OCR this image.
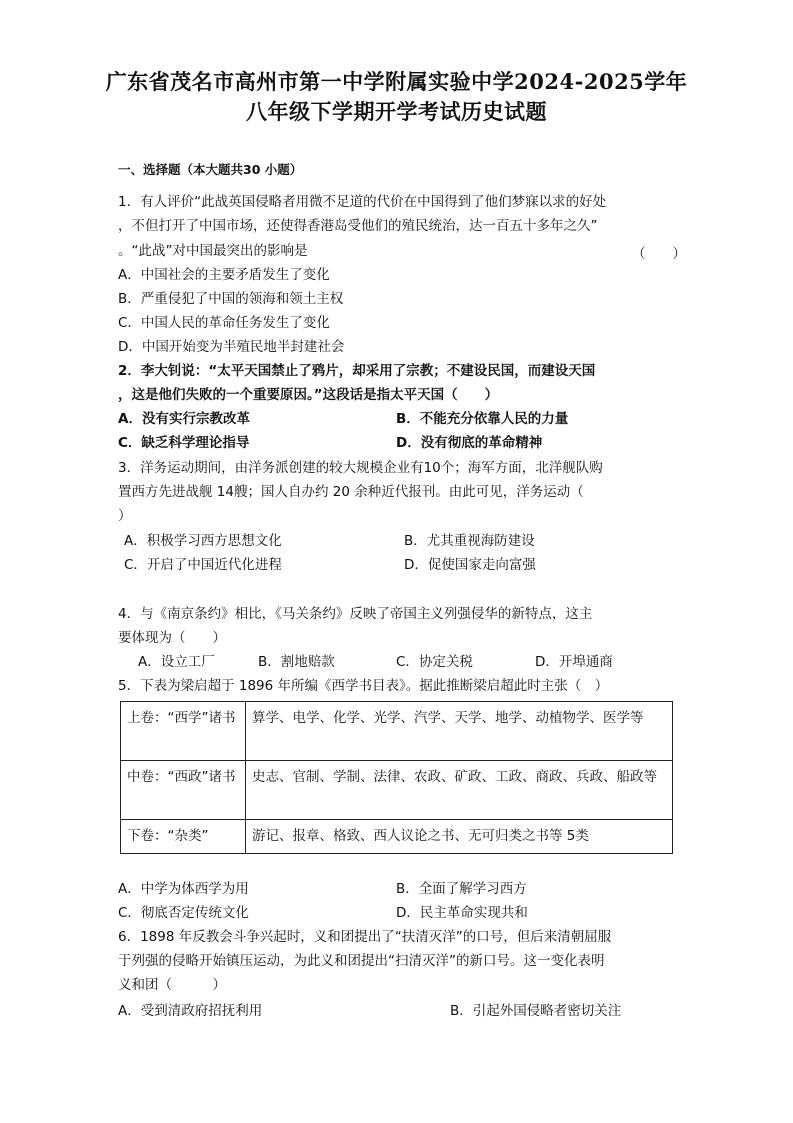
广东省茂名市高州市第一中学附属实验中学2024-2025学年
八年级下学期开学考试历史试题
一、选择题（本大题共30 小题）
1．有人评价“此战英国侵略者用微不足道的代价在中国得到了他们梦寐以求的好处
，不但打开了中国市场，还使得香港岛受他们的殖民统治，达一百五十多年之久”
。“此战”对中国最突出的影响是	（　　）
A．中国社会的主要矛盾发生了变化
B．严重侵犯了中国的领海和领土主权
C．中国人民的革命任务发生了变化
D．中国开始变为半殖民地半封建社会
2．李大钊说：“太平天国禁止了鸦片，却采用了宗教；不建设民国，而建设天国
，这是他们失败的一个重要原因。”这段话是指太平天国（　　）
A．没有实行宗教改革	B．不能充分依靠人民的力量
C．缺乏科学理论指导	D．没有彻底的革命精神
3．洋务运动期间，由洋务派创建的较大规模企业有10个；海军方面，北洋舰队购
置西方先进战舰 14艘；国人自办约 20 余种近代报刊。由此可见，洋务运动（
）
A．积极学习西方思想文化	B．尤其重视海防建设
C．开启了中国近代化进程	D．促使国家走向富强
4．与《南京条约》相比，《马关条约》反映了帝国主义列强侵华的新特点，这主
要体现为（　　）
A．设立工厂	B．割地赔款	C．协定关税	D．开埠通商
5．下表为梁启超于 1896 年所编《西学书目表》。据此推断梁启超此时主张（　）
上卷：“西学”诸书	算学、电学、化学、光学、汽学、天学、地学、动植物学、医学等
中卷：“西政”诸书	史志、官制、学制、法律、农政、矿政、工政、商政、兵政、船政等
下卷：“杂类”	游记、报章、格致、西人议论之书、无可归类之书等 5类
A．中学为体西学为用	B．全面了解学习西方
C．彻底否定传统文化	D．民主革命实现共和
6．1898 年反教会斗争兴起时，义和团提出了“扶清灭洋”的口号，但后来清朝屈服
于列强的侵略开始镇压运动，为此义和团提出“扫清灭洋”的新口号。这一变化表明
义和团（　　　）
A．受到清政府招抚利用	B．引起外国侵略者密切关注
